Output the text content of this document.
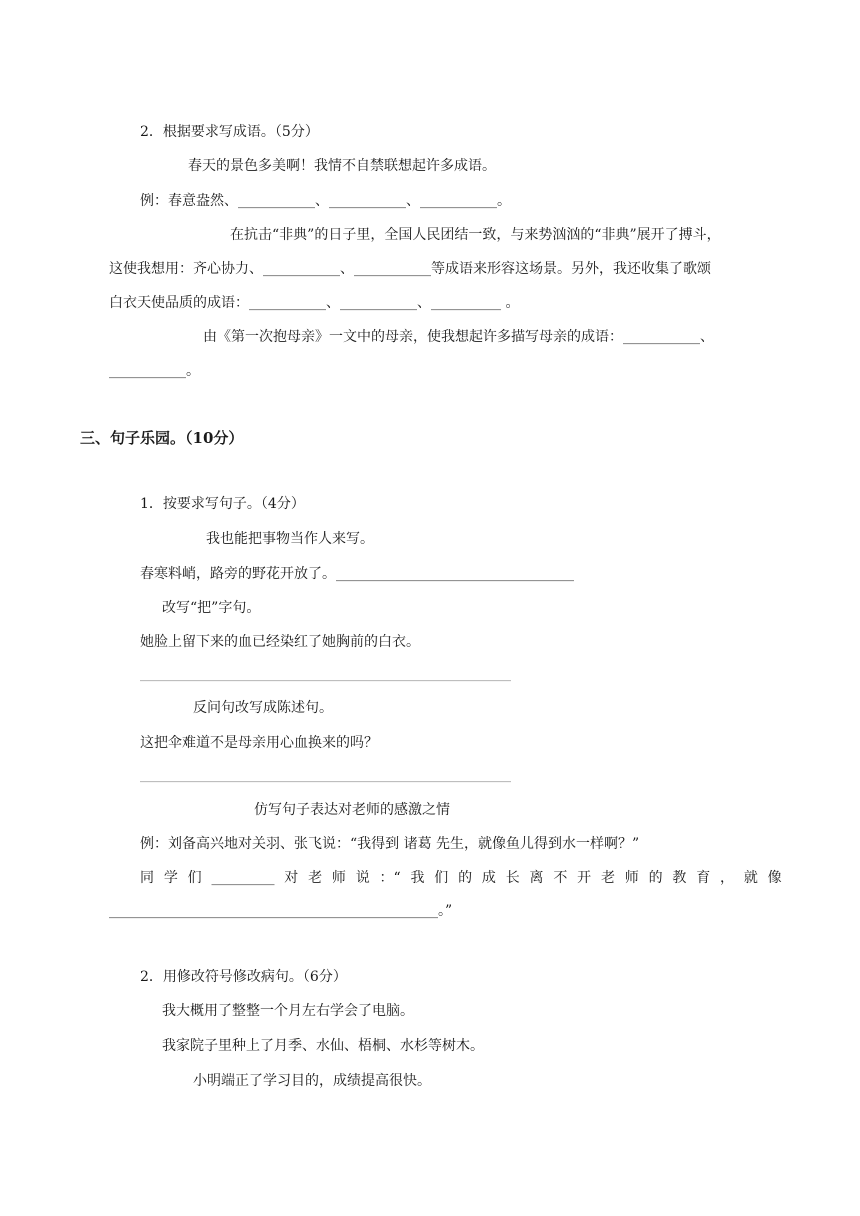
2．根据要求写成语。（5分）
春天的景色多美啊！我情不自禁联想起许多成语。
例：春意盎然、___________、___________、___________。
在抗击“非典”的日子里，全国人民团结一致，与来势汹汹的“非典”展开了搏斗，
这使我想用：齐心协力、___________、___________等成语来形容这场景。另外，我还收集了歌颂
白衣天使品质的成语：___________、___________、__________ 。
由《第一次抱母亲》一文中的母亲，使我想起许多描写母亲的成语：___________、
___________。
三、句子乐园。（10分）
1．按要求写句子。（4分）
我也能把事物当作人来写。
春寒料峭，路旁的野花开放了。__________________________________
改写“把”字句。
她脸上留下来的血已经染红了她胸前的白衣。
_____________________________________________________
反问句改写成陈述句。
这把伞难道不是母亲用心血换来的吗？
_____________________________________________________
仿写句子表达对老师的感激之情
例：刘备高兴地对关羽、张飞说：“我得到 诸葛 先生，就像鱼儿得到水一样啊？”
同 学 们 _________ 对 老 师 说 ：“ 我 们 的 成 长 离 不 开 老 师 的 教 育 ， 就 像
_______________________________________________。”
2．用修改符号修改病句。（6分）
我大概用了整整一个月左右学会了电脑。
我家院子里种上了月季、水仙、梧桐、水杉等树木。
小明端正了学习目的，成绩提高很快。
